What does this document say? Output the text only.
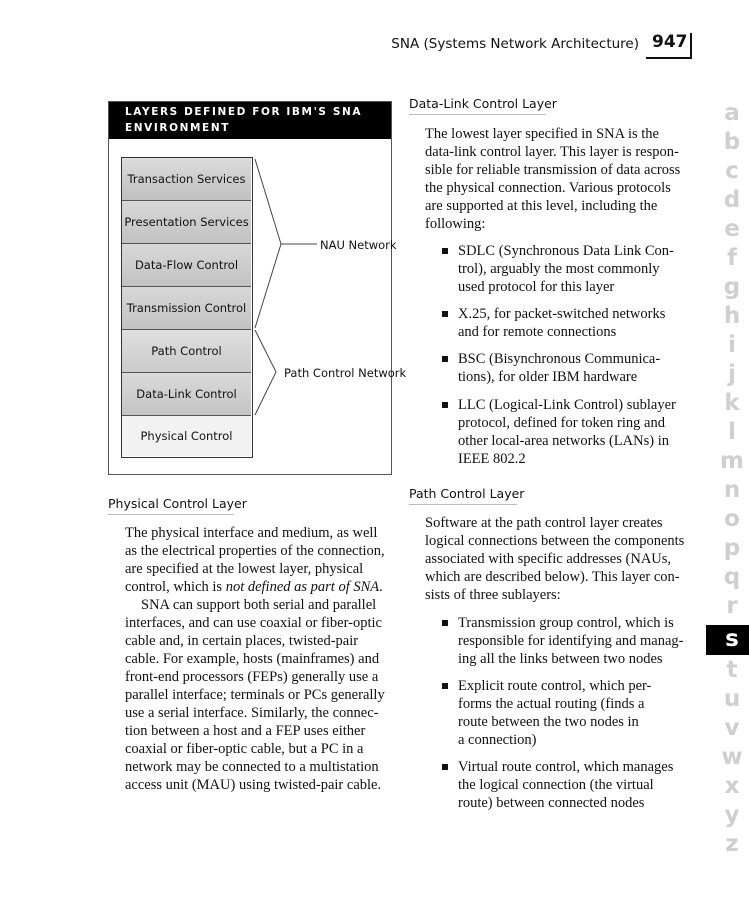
SNA (Systems Network Architecture) 947
LAYERS DEFINED FOR IBM'S SNA
ENVIRONMENT
Transaction Services
Presentation Services
Data-Flow Control
Transmission Control
Path Control
Data-Link Control
Physical Control
NAU Network
Path Control Network
Physical Control Layer
The physical interface and medium, as well
as the electrical properties of the connection,
are specified at the lowest layer, physical
control, which is not defined as part of SNA.
SNA can support both serial and parallel
interfaces, and can use coaxial or fiber-optic
cable and, in certain places, twisted-pair
cable. For example, hosts (mainframes) and
front-end processors (FEPs) generally use a
parallel interface; terminals or PCs generally
use a serial interface. Similarly, the connec-
tion between a host and a FEP uses either
coaxial or fiber-optic cable, but a PC in a
network may be connected to a multistation
access unit (MAU) using twisted-pair cable.
Data-Link Control Layer
The lowest layer specified in SNA is the
data-link control layer. This layer is respon-
sible for reliable transmission of data across
the physical connection. Various protocols
are supported at this level, including the
following:
SDLC (Synchronous Data Link Con-
trol), arguably the most commonly
used protocol for this layer
X.25, for packet-switched networks
and for remote connections
BSC (Bisynchronous Communica-
tions), for older IBM hardware
LLC (Logical-Link Control) sublayer
protocol, defined for token ring and
other local-area networks (LANs) in
IEEE 802.2
Path Control Layer
Software at the path control layer creates
logical connections between the components
associated with specific addresses (NAUs,
which are described below). This layer con-
sists of three sublayers:
Transmission group control, which is
responsible for identifying and manag-
ing all the links between two nodes
Explicit route control, which per-
forms the actual routing (finds a
route between the two nodes in
a connection)
Virtual route control, which manages
the logical connection (the virtual
route) between connected nodes
a
b
c
d
e
f
g
h
i
j
k
l
m
n
o
p
q
r
s
t
u
v
w
x
y
z
